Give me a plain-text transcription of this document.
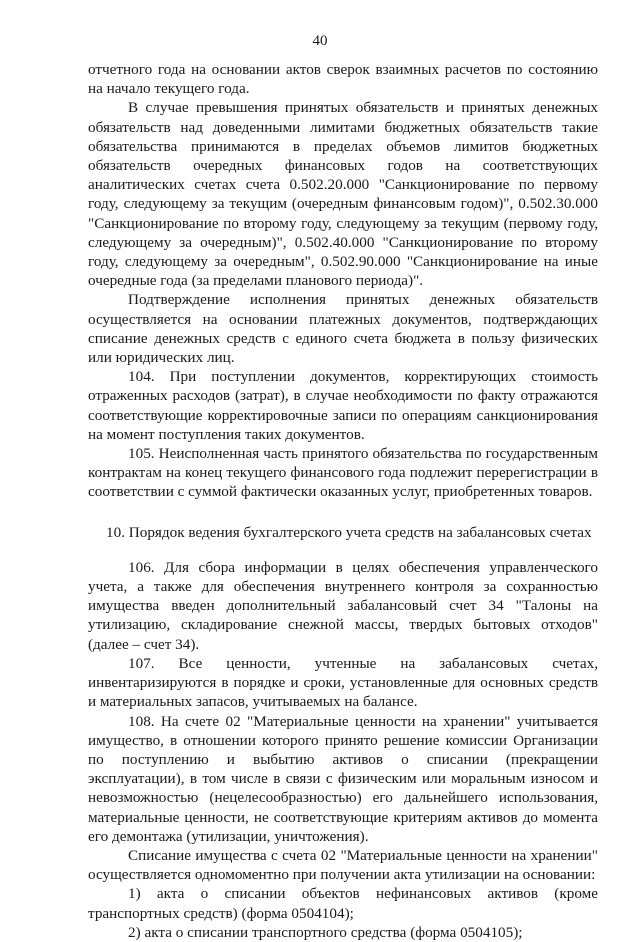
40

отчетного года на основании актов сверок взаимных расчетов по состоянию на начало текущего года.

В случае превышения принятых обязательств и принятых денежных обязательств над доведенными лимитами бюджетных обязательств такие обязательства принимаются в пределах объемов лимитов бюджетных обязательств очередных финансовых годов на соответствующих аналитических счетах счета 0.502.20.000 "Санкционирование по первому году, следующему за текущим (очередным финансовым годом)", 0.502.30.000 "Санкционирование по второму году, следующему за текущим (первому году, следующему за очередным)", 0.502.40.000 "Санкционирование по второму году, следующему за очередным", 0.502.90.000 "Санкционирование на иные очередные года (за пределами планового периода)".

Подтверждение исполнения принятых денежных обязательств осуществляется на основании платежных документов, подтверждающих списание денежных средств с единого счета бюджета в пользу физических или юридических лиц.

104. При поступлении документов, корректирующих стоимость отраженных расходов (затрат), в случае необходимости по факту отражаются соответствующие корректировочные записи по операциям санкционирования на момент поступления таких документов.

105. Неисполненная часть принятого обязательства по государственным контрактам на конец текущего финансового года подлежит перерегистрации в соответствии с суммой фактически оказанных услуг, приобретенных товаров.

10. Порядок ведения бухгалтерского учета средств на забалансовых счетах

106. Для сбора информации в целях обеспечения управленческого учета, а также для обеспечения внутреннего контроля за сохранностью имущества введен дополнительный забалансовый счет 34 "Талоны на утилизацию, складирование снежной массы, твердых бытовых отходов" (далее – счет 34).

107. Все ценности, учтенные на забалансовых счетах, инвентаризируются в порядке и сроки, установленные для основных средств и материальных запасов, учитываемых на балансе.

108. На счете 02 "Материальные ценности на хранении" учитывается имущество, в отношении которого принято решение комиссии Организации по поступлению и выбытию активов о списании (прекращении эксплуатации), в том числе в связи с физическим или моральным износом и невозможностью (нецелесообразностью) его дальнейшего использования, материальные ценности, не соответствующие критериям активов до момента его демонтажа (утилизации, уничтожения).

Списание имущества с счета 02 "Материальные ценности на хранении" осуществляется одномоментно при получении акта утилизации на основании:

1) акта о списании объектов нефинансовых активов (кроме транспортных средств) (форма 0504104);

2) акта о списании транспортного средства (форма 0504105);
